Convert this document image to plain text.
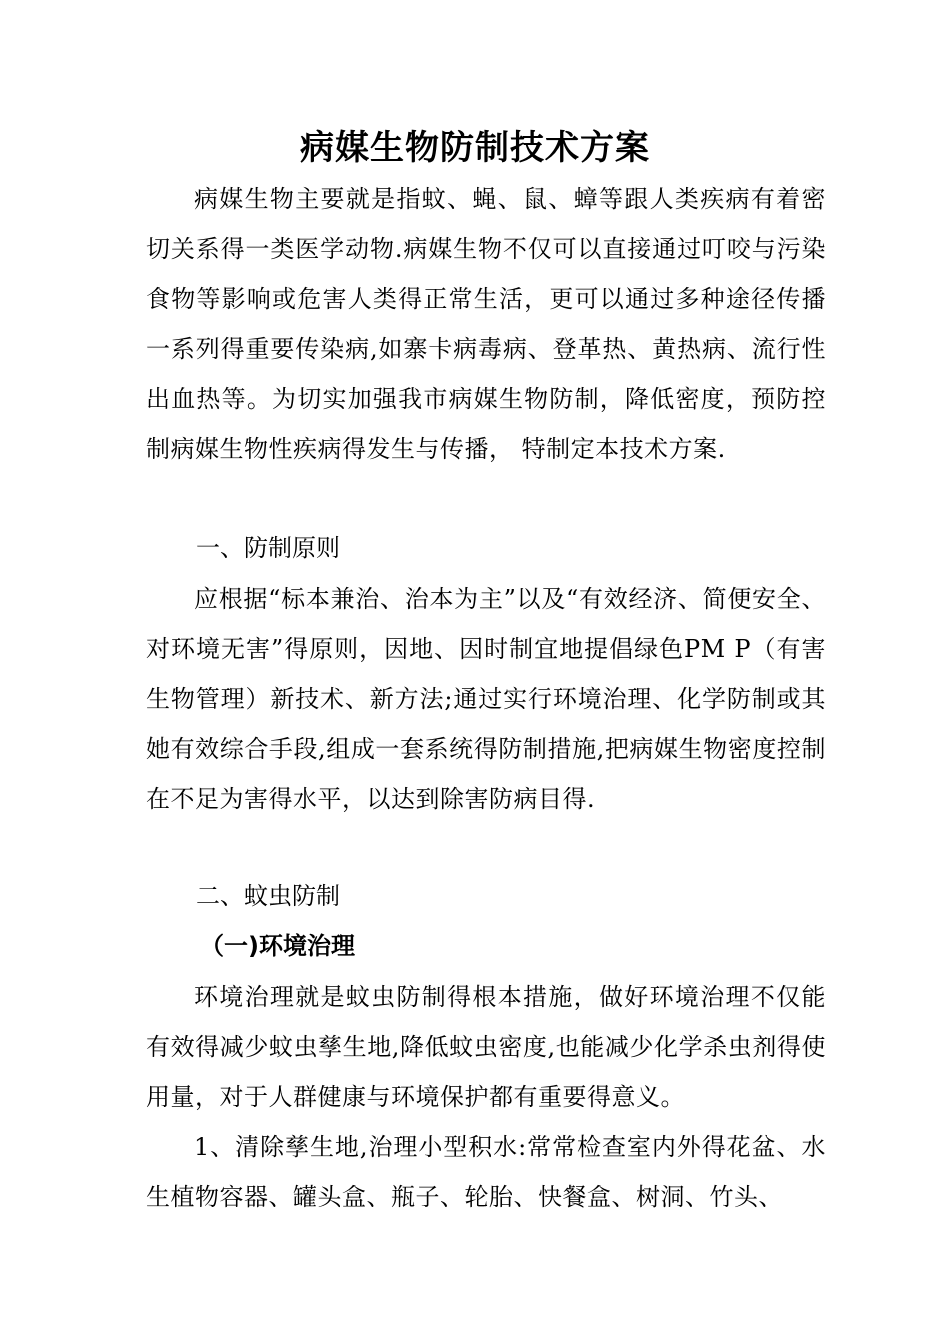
病媒生物防制技术方案
病媒生物主要就是指蚊、蝇、鼠、蟑等跟人类疾病有着密切关系得一类医学动物.病媒生物不仅可以直接通过叮咬与污染食物等影响或危害人类得正常生活，更可以通过多种途径传播一系列得重要传染病,如寨卡病毒病、登革热、黄热病、流行性出血热等。为切实加强我市病媒生物防制，降低密度，预防控制病媒生物性疾病得发生与传播， 特制定本技术方案.
一、防制原则
应根据“标本兼治、治本为主”以及“有效经济、简便安全、对环境无害”得原则，因地、因时制宜地提倡绿色PM P（有害生物管理）新技术、新方法;通过实行环境治理、化学防制或其她有效综合手段,组成一套系统得防制措施,把病媒生物密度控制在不足为害得水平，以达到除害防病目得.
二、蚊虫防制
（一)环境治理
环境治理就是蚊虫防制得根本措施，做好环境治理不仅能有效得减少蚊虫孳生地,降低蚊虫密度,也能减少化学杀虫剂得使用量，对于人群健康与环境保护都有重要得意义。
1、清除孳生地,治理小型积水:常常检查室内外得花盆、水生植物容器、罐头盒、瓶子、轮胎、快餐盒、树洞、竹头、
